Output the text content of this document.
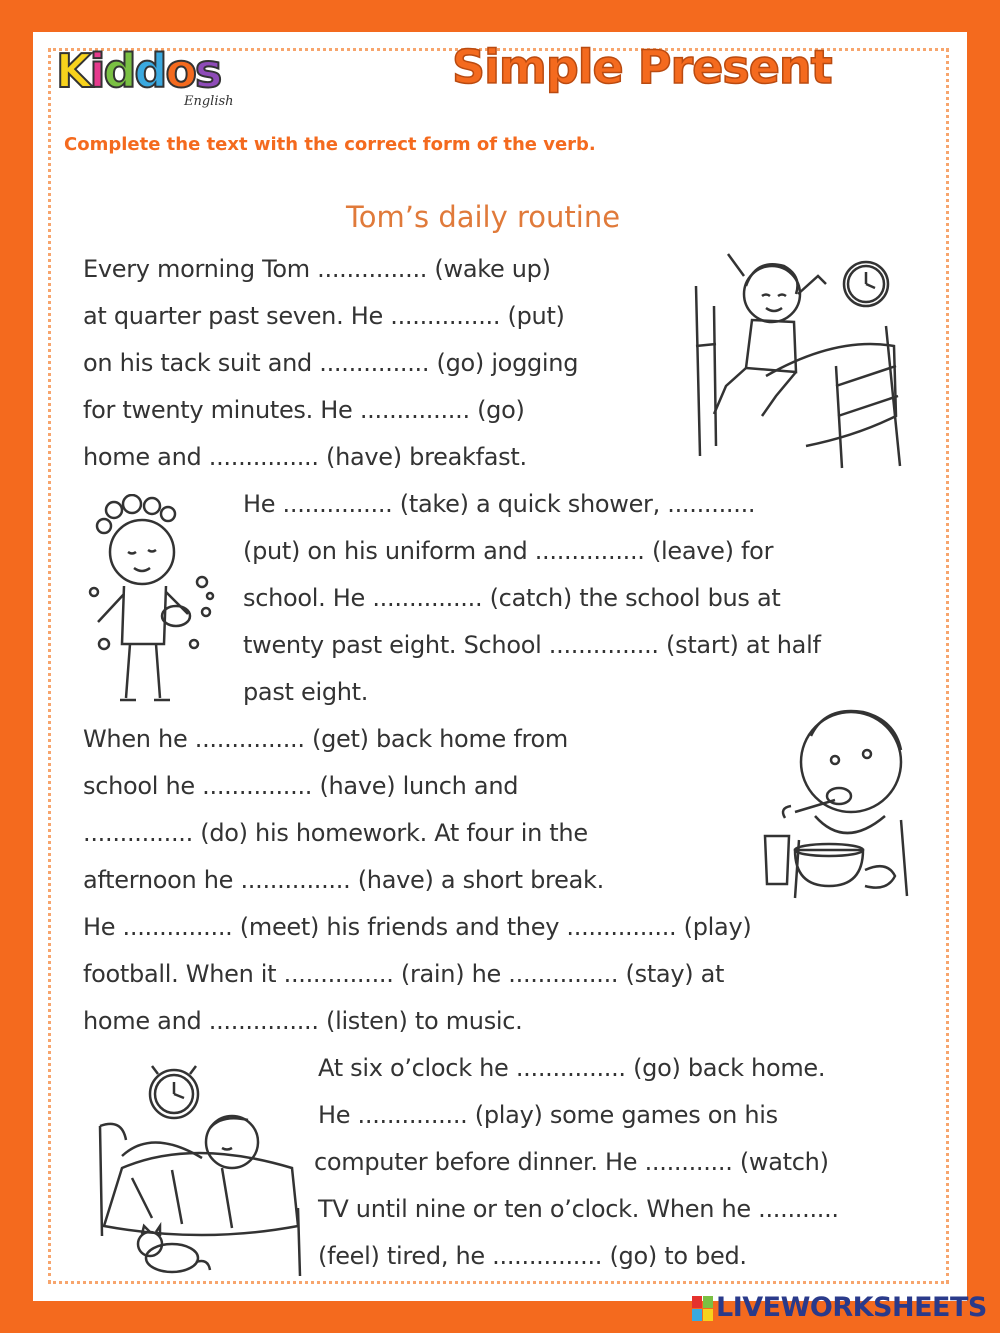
Kiddos
English
Simple Present
Complete the text with the correct form of the verb.
Tom’s daily routine
Every morning Tom ............... (wake up)
at quarter past seven. He ............... (put)
on his tack suit and ............... (go) jogging
for twenty minutes. He ............... (go)
home and ............... (have) breakfast.
He ............... (take) a quick shower, ............
(put) on his uniform and ............... (leave) for
school. He ............... (catch) the school bus at
twenty past eight. School ............... (start) at half
past eight.
When he ............... (get) back home from
school he ............... (have) lunch and
............... (do) his homework. At four in the
afternoon he ............... (have) a short break.
He ............... (meet) his friends and they ............... (play)
football. When it ............... (rain) he ............... (stay) at
home and ............... (listen) to music.
At six o’clock he ............... (go) back home.
He ............... (play) some games on his
computer before dinner. He ............ (watch)
TV until nine or ten o’clock. When he ...........
(feel) tired, he ............... (go) to bed.
LIVEWORKSHEETS
